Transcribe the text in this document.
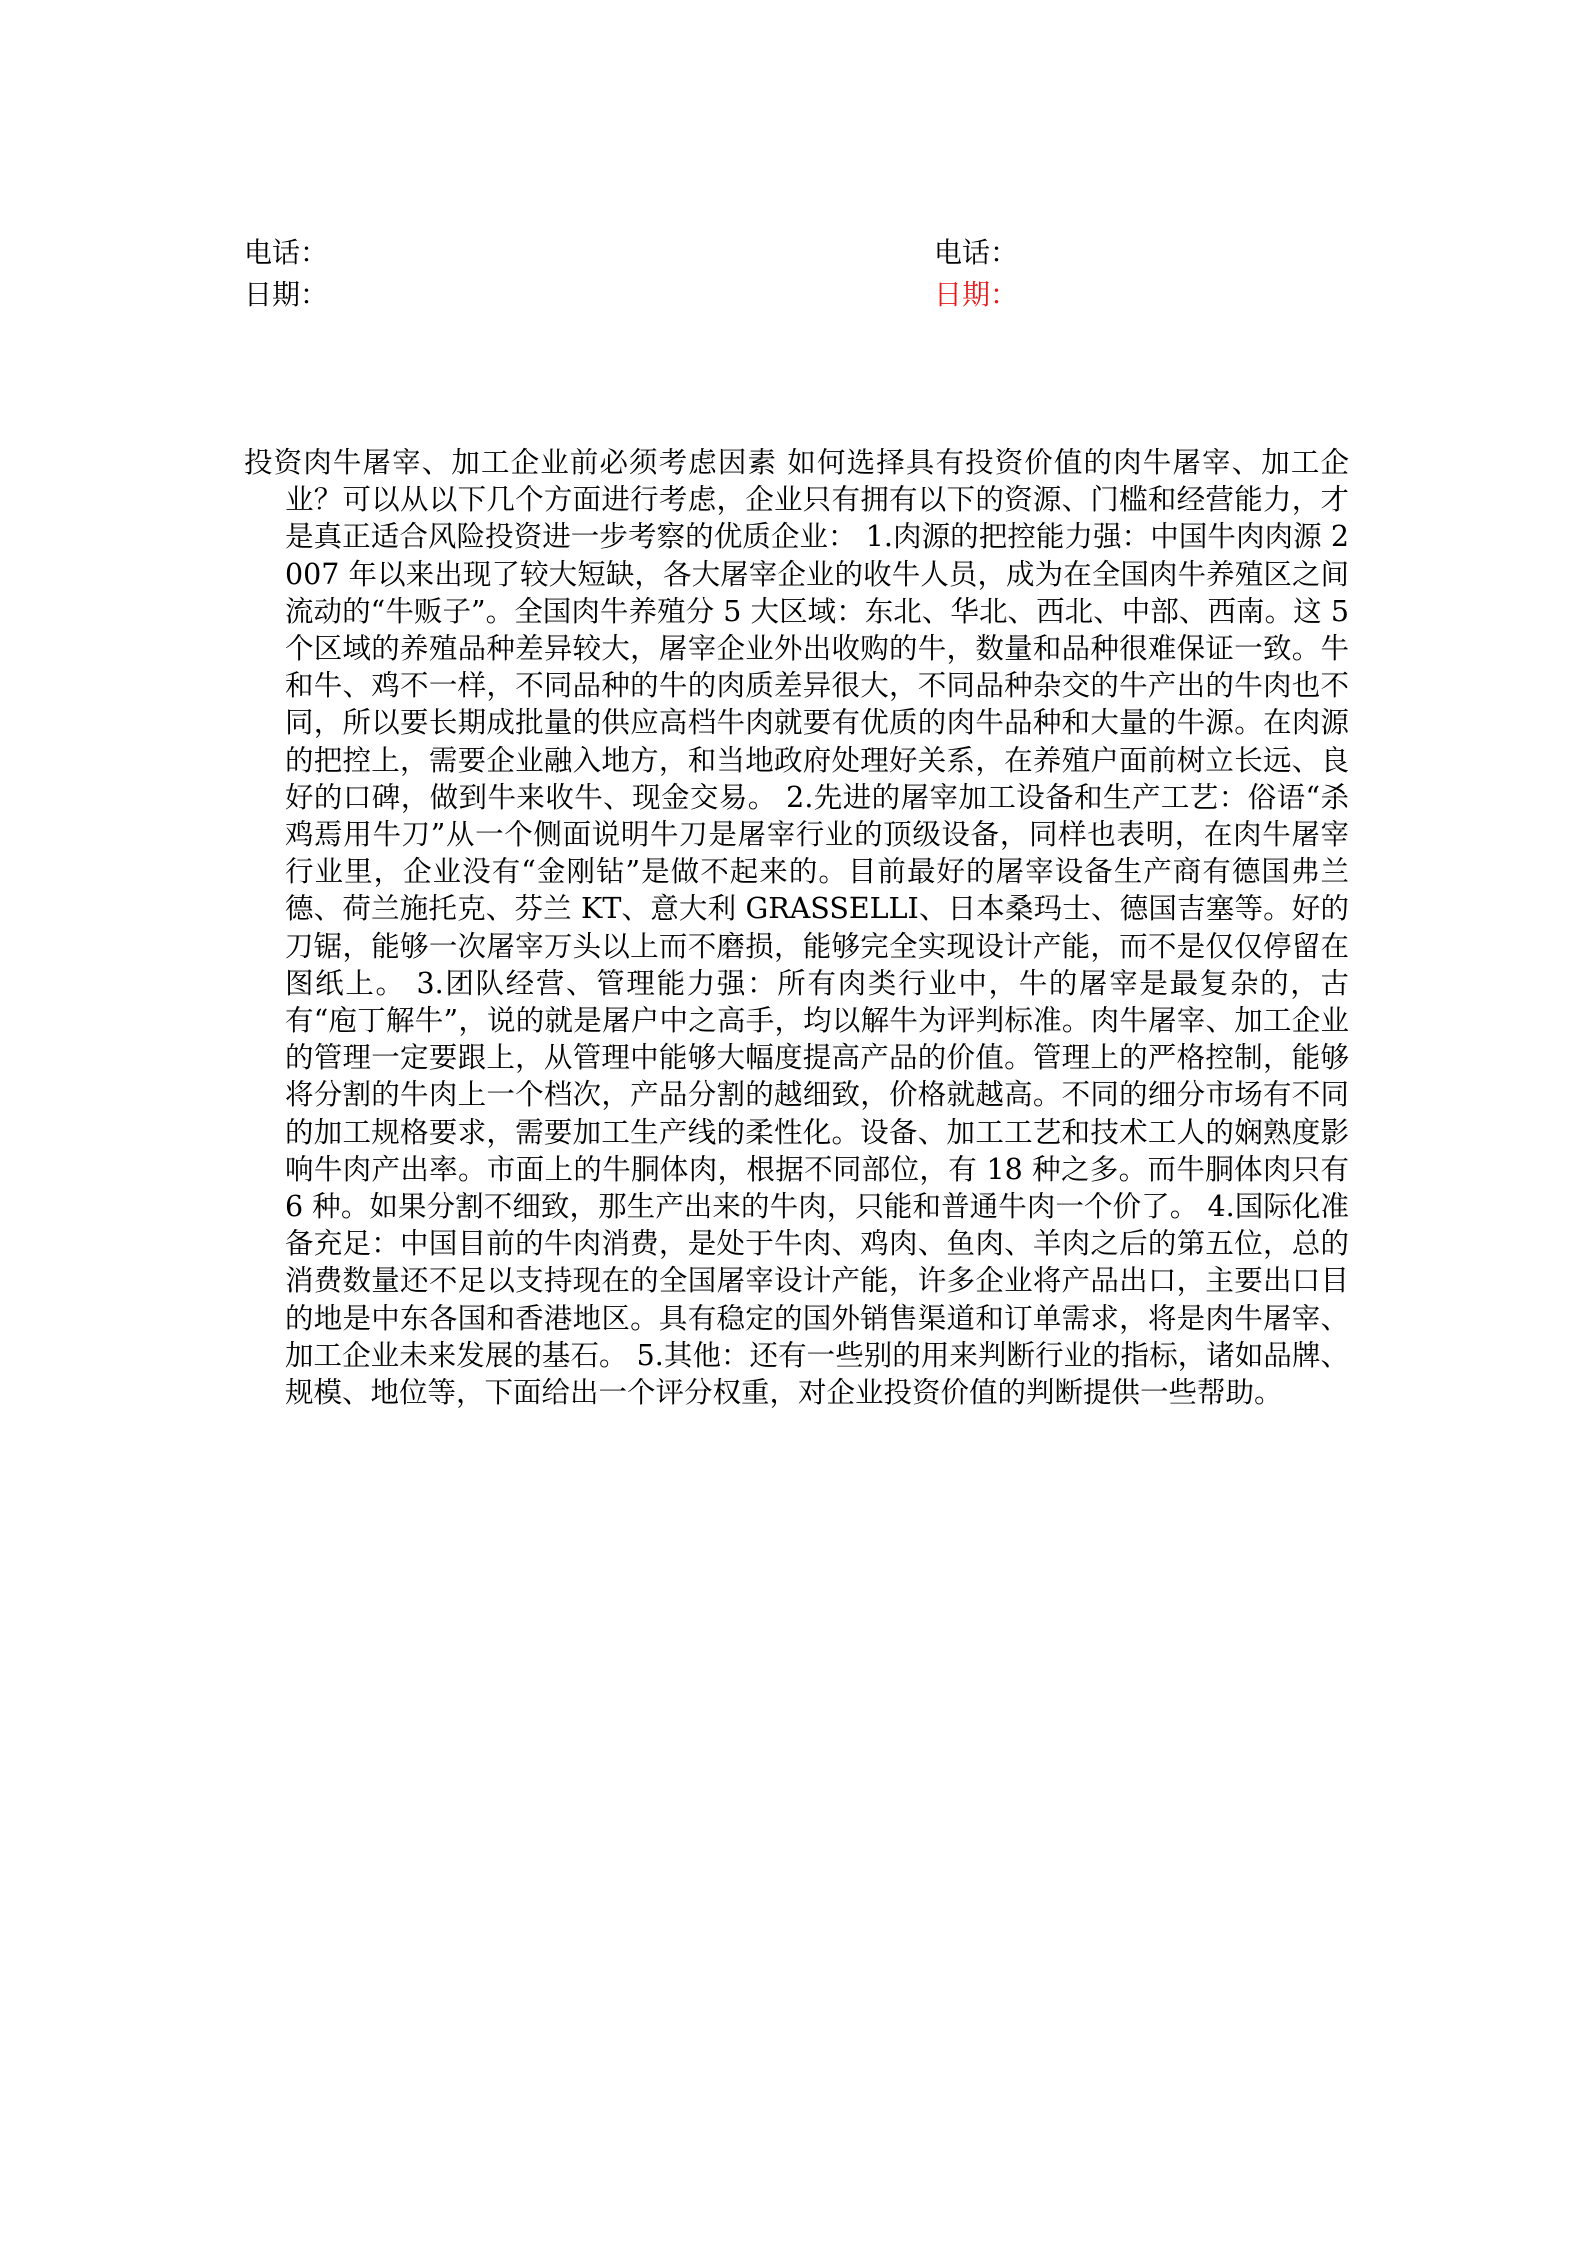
电话：	电话：
日期：	日期：

投资肉牛屠宰、加工企业前必须考虑因素 如何选择具有投资价值的肉牛屠宰、加工企业？可以从以下几个方面进行考虑，企业只有拥有以下的资源、门槛和经营能力，才是真正适合风险投资进一步考察的优质企业： 1.肉源的把控能力强：中国牛肉肉源 2007 年以来出现了较大短缺，各大屠宰企业的收牛人员，成为在全国肉牛养殖区之间流动的“牛贩子”。全国肉牛养殖分 5 大区域：东北、华北、西北、中部、西南。这 5 个区域的养殖品种差异较大，屠宰企业外出收购的牛，数量和品种很难保证一致。牛和牛、鸡不一样，不同品种的牛的肉质差异很大，不同品种杂交的牛产出的牛肉也不同，所以要长期成批量的供应高档牛肉就要有优质的肉牛品种和大量的牛源。在肉源的把控上，需要企业融入地方，和当地政府处理好关系，在养殖户面前树立长远、良好的口碑，做到牛来收牛、现金交易。 2.先进的屠宰加工设备和生产工艺：俗语“杀鸡焉用牛刀”从一个侧面说明牛刀是屠宰行业的顶级设备，同样也表明，在肉牛屠宰行业里，企业没有“金刚钻”是做不起来的。目前最好的屠宰设备生产商有德国弗兰德、荷兰施托克、芬兰 KT、意大利 GRASSELLI、日本桑玛士、德国吉塞等。好的刀锯，能够一次屠宰万头以上而不磨损，能够完全实现设计产能，而不是仅仅停留在图纸上。 3.团队经营、管理能力强：所有肉类行业中，牛的屠宰是最复杂的，古有“庖丁解牛”，说的就是屠户中之高手，均以解牛为评判标准。肉牛屠宰、加工企业的管理一定要跟上，从管理中能够大幅度提高产品的价值。管理上的严格控制，能够将分割的牛肉上一个档次，产品分割的越细致，价格就越高。不同的细分市场有不同的加工规格要求，需要加工生产线的柔性化。设备、加工工艺和技术工人的娴熟度影响牛肉产出率。市面上的牛胴体肉，根据不同部位，有 18 种之多。而牛胴体肉只有 6 种。如果分割不细致，那生产出来的牛肉，只能和普通牛肉一个价了。 4.国际化准备充足：中国目前的牛肉消费，是处于牛肉、鸡肉、鱼肉、羊肉之后的第五位，总的消费数量还不足以支持现在的全国屠宰设计产能，许多企业将产品出口，主要出口目的地是中东各国和香港地区。具有稳定的国外销售渠道和订单需求，将是肉牛屠宰、加工企业未来发展的基石。 5.其他：还有一些别的用来判断行业的指标，诸如品牌、规模、地位等，下面给出一个评分权重，对企业投资价值的判断提供一些帮助。
